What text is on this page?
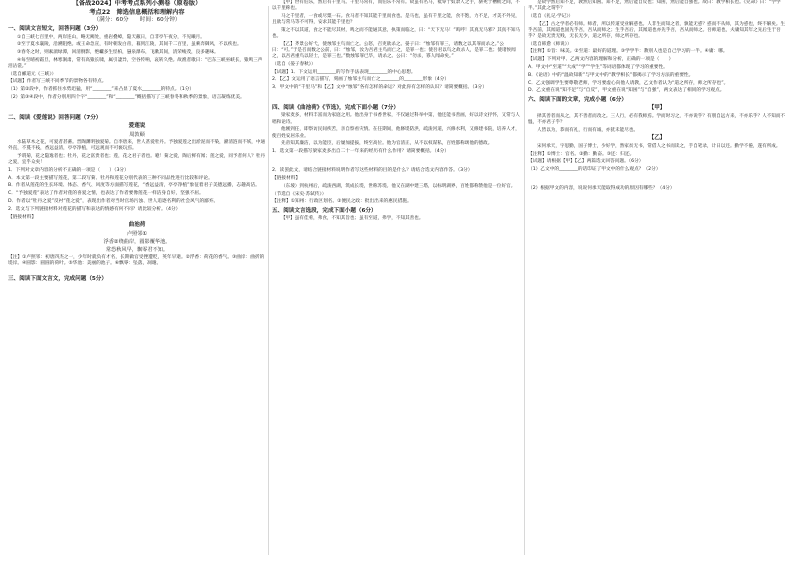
【备战2024】中考考点系列小测卷（原卷版）
考点22　筛选信息概括和理解内容
（满分：60分　　时间：60分钟）
一、阅读文言短文，回答问题（3分）
①自三峡七百里中，两岸连山，略无阙处，重岩叠嶂，隐天蔽日，自非亭午夜分，不见曦月。
②至于夏水襄陵，沿溯阻绝。或王命急宣，有时朝发白帝，暮到江陵，其间千二百里，虽乘奔御风，不以疾也。
③春冬之时，则素湍绿潭，回清倒影，绝巘多生怪柏，悬泉瀑布，飞漱其间，清荣峻茂，良多趣味。
④每至晴初霜旦，林寒涧肃，常有高猿长啸，属引凄异，空谷传响，哀转久绝。故渔者歌曰：“巴东三峡巫峡长，猿鸣三声泪沾裳。”
（选自郦道元《三峡》）
【试题】作者写三峡不同季节的景物各有特点。
（1）第②段中，作者抓住水势迅猛，用“________”来凸显了夏水________的特点。（1分）
（2）第③④段中，作者分别用四个字“________”和“________”概括描写了三峡春冬和秋季的景象，语言凝练优美。
二、阅读《爱莲说》回答问题（7分）
爱莲说
周敦颐
水陆草木之花，可爱者甚蕃。晋陶渊明独爱菊。自李唐来，世人甚爱牡丹。予独爱莲之出淤泥而不染，濯清涟而不妖，中通外直，不蔓不枝，香远益清，亭亭净植，可远观而不可亵玩焉。
予谓菊，花之隐逸者也；牡丹，花之富贵者也；莲，花之君子者也。噫！菊之爱，陶后鲜有闻；莲之爱，同予者何人？牡丹之爱，宜乎众矣！
1．下列对文章内容的分析不正确的一项是（　　）（3分）
A．本文第一段主要描写莲花，第二段写菊、牡丹和莲花分别代表的三种不同品性进行比较和评论。
B．作者从莲花的生长环境、体态、香气、风度等方面描写莲花，“香远益清，亭亭净植”象征着君子美德远播，志趣高洁。
C．“予独爱莲”表达了作者对莲的喜爱之情，也表达了作者要像莲花一样洁身自好，坚强不屈。
D．作者以“牡丹之爱”反衬“莲之爱”，表现出作者对当时官场污浊、世人追逐名利的社会风气的鄙弃。
2．选文与下列链接材料对莲花的描写和表达的情感有何不同？请比较分析。（4分）
【链接材料】
曲池荷
卢照邻①
浮香②绕曲岸，圆影覆华池。
常恐秋风早，飘零君不知。
【注】①卢照邻：初唐四杰之一，少年时就负有才名，长期做官受挫遭贬，英年早逝。②浮香：荷花的香气。③曲岸：曲折的堤岸。④圆影：圆圆的荷叶。⑤华池：美丽的池子。⑥飘零：坠落，凋谢。
三、阅读下面文言文，完成问题（5分）
【甲】世有伯乐，然后有千里马。千里马常有，而伯乐不常有。故虽有名马，祗辱于奴隶人之手，骈死于槽枥之间，不以千里称也。
马之千里者，一食或尽粟一石。食马者不知其能千里而食也。是马也，虽有千里之能，食不饱，力不足，才美不外见，且欲与常马等不可得，安求其能千里也？
策之不以其道，食之不能尽其材，鸣之而不能通其意，执策而临之，曰：“天下无马！”呜呼！其真无马邪？其真不知马也。
【乙】齐景公好弋，使烛邹主鸟而亡之。公怒，召吏欲杀之。晏子曰：“烛邹有罪三，请数之以其罪而杀之。”公曰：“可。”于是召而数之公前，曰：“烛邹，汝为吾君主鸟而亡之，是罪一也；使吾君以鸟之故杀人，是罪二也；使诸侯闻之，以吾君重鸟以轻士，是罪三也。”数烛邹罪已毕，请杀之。公曰：“勿杀，寡人闻命矣。”
（选自《晏子春秋》）
【试题】1．下文运用________的写作手法表现________的中心思想。
2．【乙】文运用了语言描写，刻画了烛邹主鸟而亡之________的________形象（4分）
3．甲文中的“千里马”和【乙】文中“烛邹”各有怎样的命运？对此你有怎样的认识？请简要概括。（3分）
四、阅读《曲池荷》《节选》，完成下面小题（7分）
梁家麦多，材料丰富而为家庭之用。他出身于书香世家，不仅通过科举中第，他还能书善画，好以诗文抒怀，又常与人唱和论诗。
他刚到任，即察访民间疾苦，亲自察看灾情。在任期间，他修堤防洪，疏浚河道，兴修水利，又修建书院，培养人才，使百姓安居乐业。
先帝知其廉洁，以为能臣，后屡加提拔，终至高位。他为官清正，从不以权谋私，百姓都称颂他的德政。
1．选文第一段描写梁家麦多出自二十一年来的经历有什么作用？请简要概括。（4分）
2．读罢此文，请结合链接材料说明作者写这些材料的目的是什么？请结合选文内容作答。（3分）
【链接材料】
（东坡）到杭州后，疏浚西湖，筑成长堤，世称苏堤。他又在湖中建三塔，以标明湖界，百姓都称赞他是一位好官。
（节选自《宋史·苏轼传》）
【注释】①知州：行政区划名。②便民之政：批出出来的惠民措施。
五、阅读文言选段，完成下面小题（6分）
【甲】虽有佳肴，弗食，不知其旨也；虽有至道，弗学，不知其善也。
是故学然后知不足，教然后知困。知不足，然后能自反也；知困，然后能自强也。故曰：教学相长也。《兑命》曰：“学学半。”其此之谓乎？
（选自《礼记·学记》）
【乙】古之学者必有师。师者，所以传道受业解惑也。人非生而知之者，孰能无惑？惑而不从师，其为惑也，终不解矣。生乎吾前，其闻道也固先乎吾，吾从而师之；生乎吾后，其闻道也亦先乎吾，吾从而师之。吾师道也，夫庸知其年之先后生于吾乎？是故无贵无贱，无长无少，道之所存，师之所存也。
（选自韩愈《师说》）
【注释】①旨：味美。②至道：最好的道理。③学学半：教别人也是自己学习的一半。④庸：哪。
【试题】下列对甲、乙两文内容的理解和分析，正确的一项是（　　）
A．甲文中“至道”“大成”“学”“学生”等词语都体现了学习的重要性。
B．《论语》中的“温故知新”与甲文中的“教学相长”都揭示了学习方法的重要性。
C．乙文强调学生要尊敬老师，学习要虚心向他人请教，乙文作者认为“道之所存，师之所存也”。
D．乙文重在说“知不足”与“自反”，甲文重在说“知困”与“自强”，两文表达了相同的学习观点。
六、阅读下面的文章，完成小题（6分）
【甲】
择其善者而从之，其不善者而改之。三人行，必有我师焉。学而时习之，不亦说乎？有朋自远方来，不亦乐乎？人不知而不愠，不亦君子乎？
人皆以为，恭而有礼，行而有诚，亦犹未能尽也。
【乙】
宋何承天，字思勤，国子博士，少好学，然家贫无书，常借人之书而读之，手自笔录，计日以还。勤学不倦，遂有所成。
【注释】①博士：官名。②勤：勤奋。③还：归还。
【试题】请根据【甲】【乙】两篇选文回答问题。（6分）
（1）乙文中的________的话印证了甲文中的什么观点？（2分）
（2）根据甲文的内容，说说何承天能取得成功的原因有哪些？（4分）
